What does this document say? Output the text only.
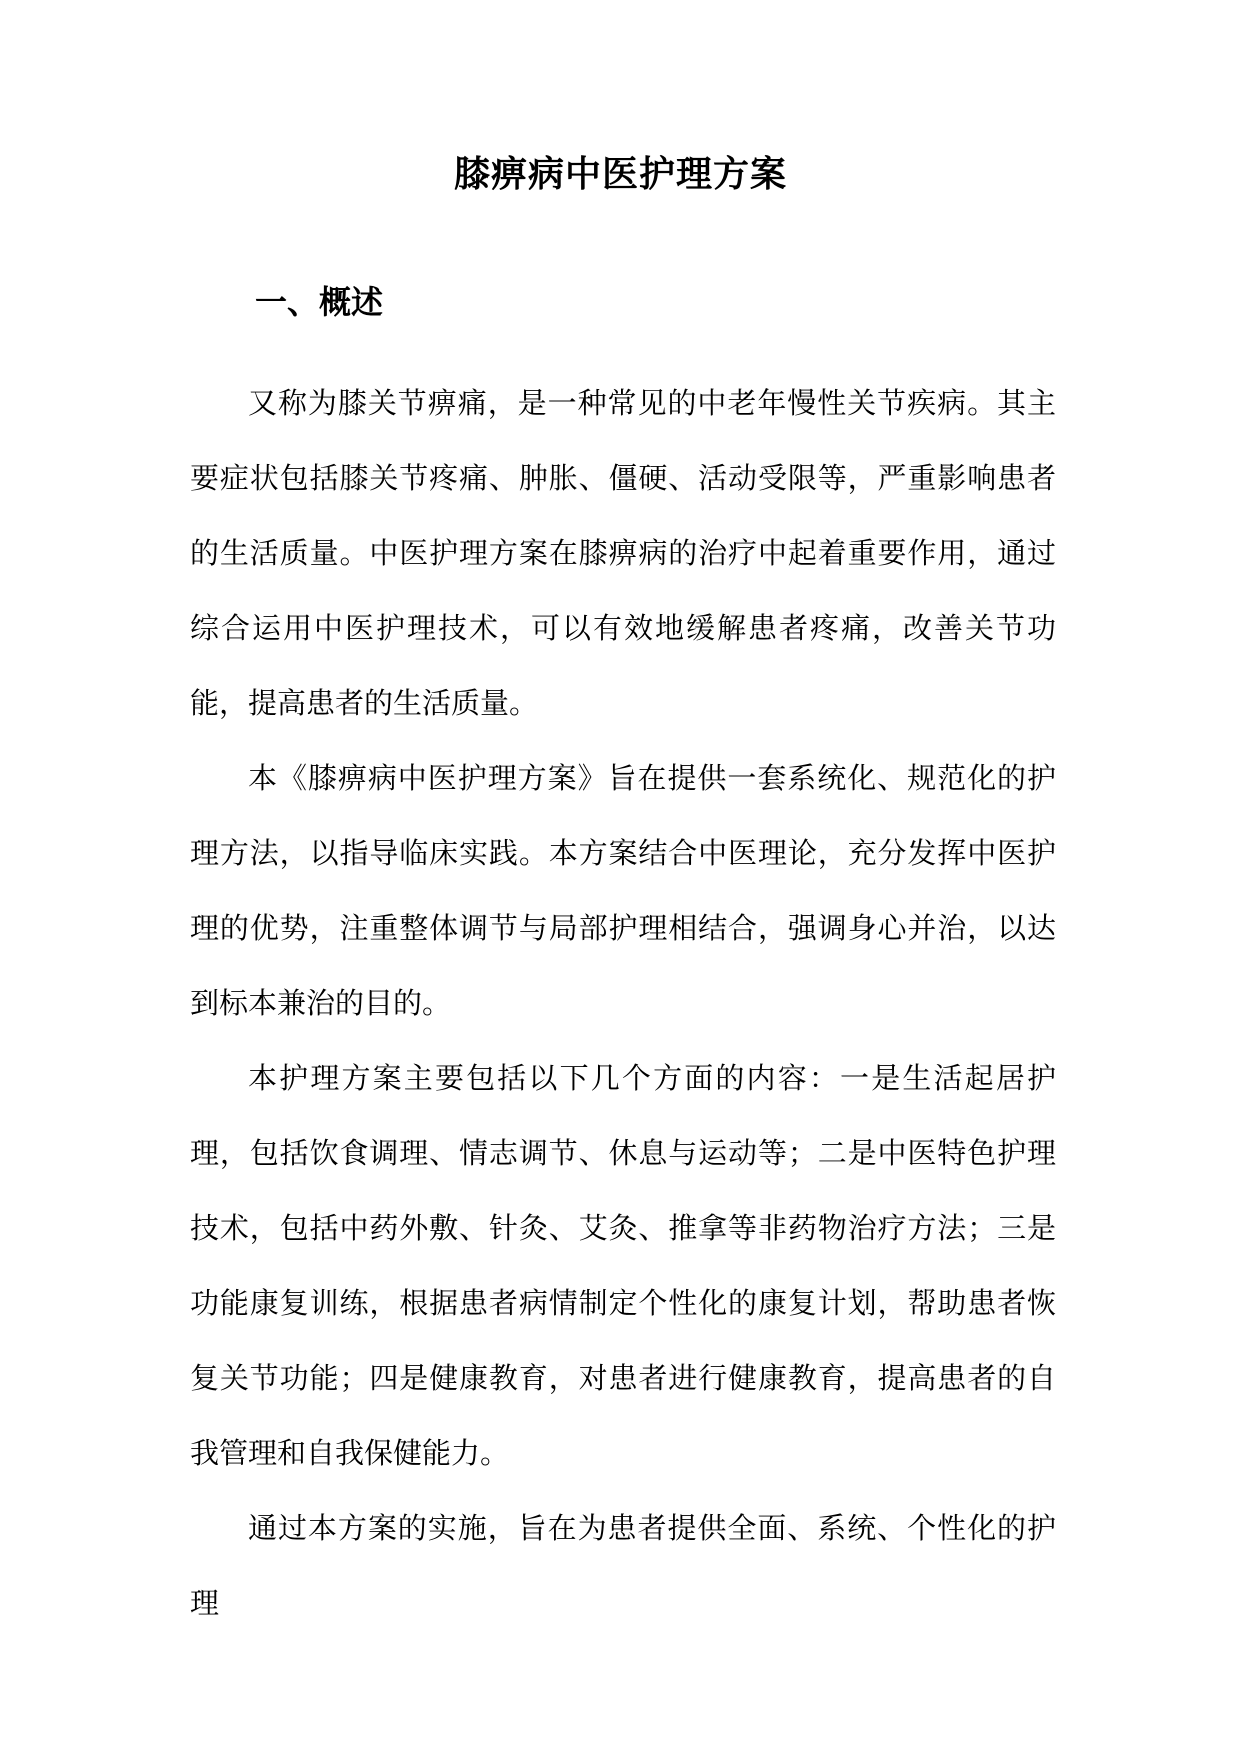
膝痹病中医护理方案
一、概述

又称为膝关节痹痛，是一种常见的中老年慢性关节疾病。其主要症状包括膝关节疼痛、肿胀、僵硬、活动受限等，严重影响患者的生活质量。中医护理方案在膝痹病的治疗中起着重要作用，通过综合运用中医护理技术，可以有效地缓解患者疼痛，改善关节功能，提高患者的生活质量。

本《膝痹病中医护理方案》旨在提供一套系统化、规范化的护理方法，以指导临床实践。本方案结合中医理论，充分发挥中医护理的优势，注重整体调节与局部护理相结合，强调身心并治，以达到标本兼治的目的。

本护理方案主要包括以下几个方面的内容：一是生活起居护理，包括饮食调理、情志调节、休息与运动等；二是中医特色护理技术，包括中药外敷、针灸、艾灸、推拿等非药物治疗方法；三是功能康复训练，根据患者病情制定个性化的康复计划，帮助患者恢复关节功能；四是健康教育，对患者进行健康教育，提高患者的自我管理和自我保健能力。

通过本方案的实施，旨在为患者提供全面、系统、个性化的护理
